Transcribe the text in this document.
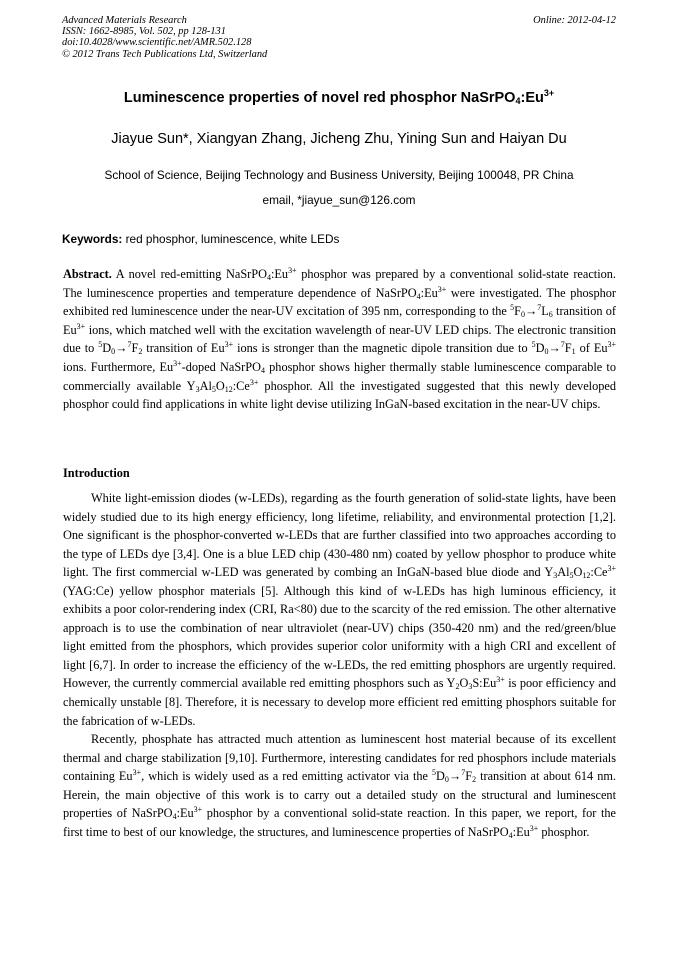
Advanced Materials Research
ISSN: 1662-8985, Vol. 502, pp 128-131
doi:10.4028/www.scientific.net/AMR.502.128
© 2012 Trans Tech Publications Ltd, Switzerland
Online: 2012-04-12
Luminescence properties of novel red phosphor $NaSrPO_4:Eu^{3+}$
Jiayue Sun*, Xiangyan Zhang, Jicheng Zhu, Yining Sun and Haiyan Du
School of Science, Beijing Technology and Business University, Beijing 100048, PR China
email, *jiayue_sun@126.com
Keywords: red phosphor, luminescence, white LEDs
Abstract. A novel red-emitting $NaSrPO_4:Eu^{3+}$ phosphor was prepared by a conventional solid-state reaction. The luminescence properties and temperature dependence of $NaSrPO_4:Eu^{3+}$ were investigated. The phosphor exhibited red luminescence under the near-UV excitation of 395 nm, corresponding to the $^5F_0\to^7L_6$ transition of $Eu^{3+}$ ions, which matched well with the excitation wavelength of near-UV LED chips. The electronic transition due to $^5D_0\to^7F_2$ transition of $Eu^{3+}$ ions is stronger than the magnetic dipole transition due to $^5D_0\to^7F_1$ of $Eu^{3+}$ ions. Furthermore, $Eu^{3+}$-doped NaSrPO$_4$ phosphor shows higher thermally stable luminescence comparable to commercially available $Y_3Al_5O_{12}:Ce^{3+}$ phosphor. All the investigated suggested that this newly developed phosphor could find applications in white light devise utilizing InGaN-based excitation in the near-UV chips.
Introduction

White light-emission diodes (w-LEDs), regarding as the fourth generation of solid-state lights, have been widely studied due to its high energy efficiency, long lifetime, reliability, and environmental protection [1,2]. One significant is the phosphor-converted w-LEDs that are further classified into two approaches according to the type of LEDs dye [3,4]. One is a blue LED chip (430-480 nm) coated by yellow phosphor to produce white light. The first commercial w-LED was generated by combing an InGaN-based blue diode and $Y_3Al_5O_{12}:Ce^{3+}$ (YAG:Ce) yellow phosphor materials [5]. Although this kind of w-LEDs has high luminous efficiency, it exhibits a poor color-rendering index (CRI, Ra<80) due to the scarcity of the red emission. The other alternative approach is to use the combination of near ultraviolet (near-UV) chips (350-420 nm) and the red/green/blue light emitted from the phosphors, which provides superior color uniformity with a high CRI and excellent of light [6,7]. In order to increase the efficiency of the w-LEDs, the red emitting phosphors are urgently required. However, the currently commercial available red emitting phosphors such as $Y_2O_3S:Eu^{3+}$ is poor efficiency and chemically unstable [8]. Therefore, it is necessary to develop more efficient red emitting phosphors suitable for the fabrication of w-LEDs.

Recently, phosphate has attracted much attention as luminescent host material because of its excellent thermal and charge stabilization [9,10]. Furthermore, interesting candidates for red phosphors include materials containing $Eu^{3+}$, which is widely used as a red emitting activator via the $^5D_0\to^7F_2$ transition at about 614 nm. Herein, the main objective of this work is to carry out a detailed study on the structural and luminescent properties of $NaSrPO_4:Eu^{3+}$ phosphor by a conventional solid-state reaction. In this paper, we report, for the first time to best of our knowledge, the structures, and luminescence properties of $NaSrPO_4:Eu^{3+}$ phosphor.
